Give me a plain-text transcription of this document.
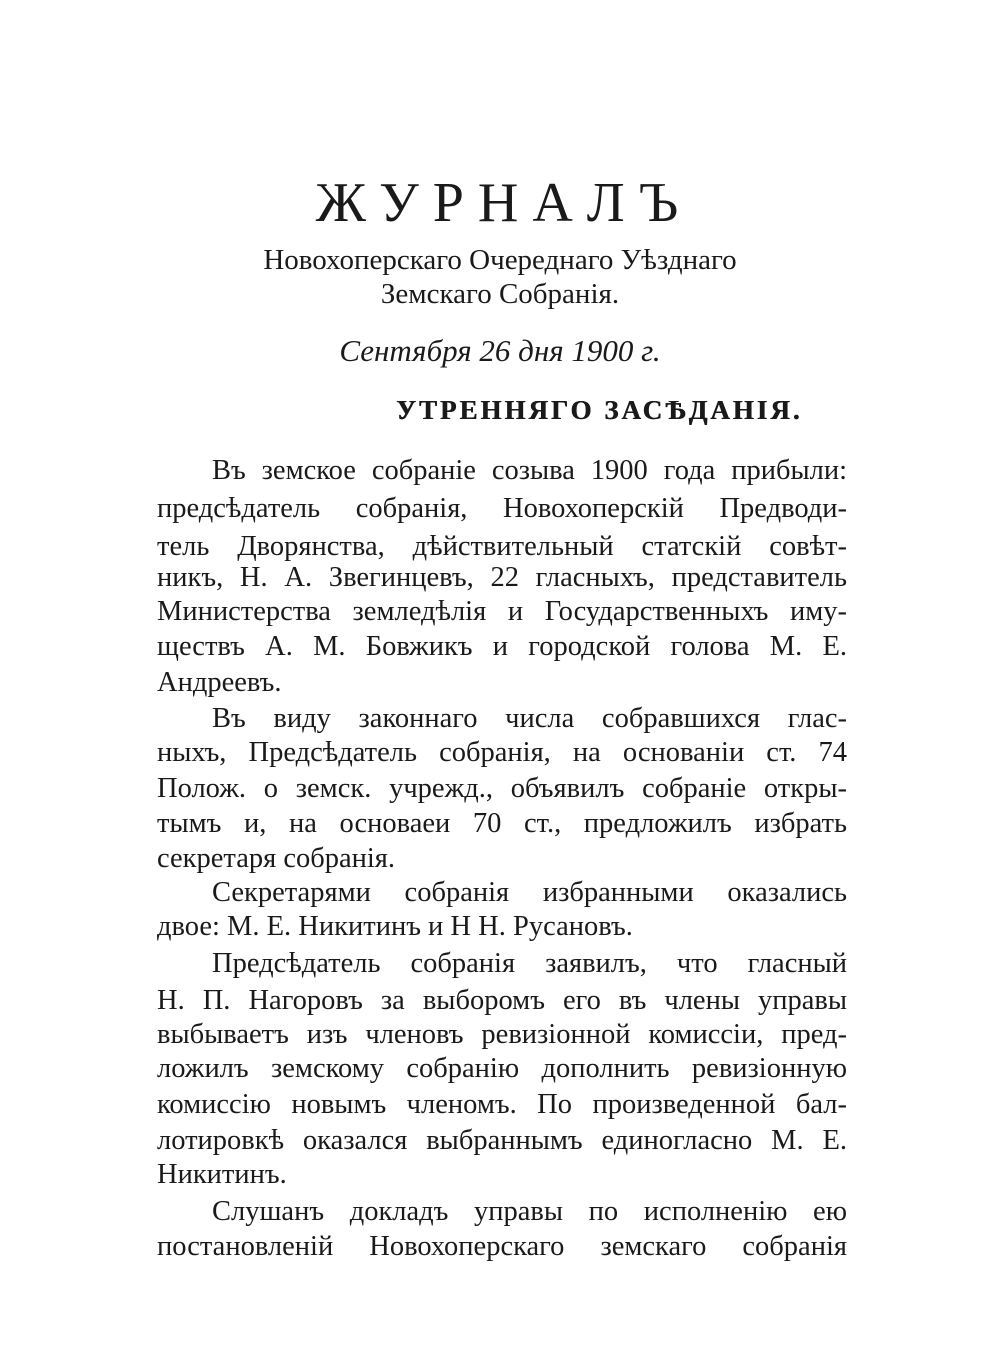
ЖУРНАЛЪ

Новохоперскаго Очереднаго Уѣзднаго

Земскаго Собранія.

Сентября 26 дня 1900 г.

УТРЕННЯГО ЗАСѢДАНІЯ.

Въ земское собраніе созыва 1900 года прибыли:

предсѣдатель собранія, Новохоперскій Предводи-

тель Дворянства, дѣйствительный статскій совѣт-

никъ, Н. А. Звегинцевъ, 22 гласныхъ, представитель

Министерства земледѣлія и Государственныхъ иму-

ществъ А. М. Бовжикъ и городской голова М. Е.

Андреевъ.

Въ виду законнаго числа собравшихся глас-

ныхъ, Предсѣдатель собранія, на основаніи ст. 74

Полож. о земск. учрежд., объявилъ собраніе откры-

тымъ и, на основаеи 70 ст., предложилъ избрать

секретаря собранія.

Секретарями собранія избранными оказались

двое: М. Е. Никитинъ и Н Н. Русановъ.

Предсѣдатель собранія заявилъ, что гласный

Н. П. Нагоровъ за выборомъ его въ члены управы

выбываетъ изъ членовъ ревизіонной комиссіи, пред-

ложилъ земскому собранію дополнить ревизіонную

комиссію новымъ членомъ. По произведенной бал-

лотировкѣ оказался выбраннымъ единогласно М. Е.

Никитинъ.

Слушанъ докладъ управы по исполненію ею

постановленій Новохоперскаго земскаго собранія
